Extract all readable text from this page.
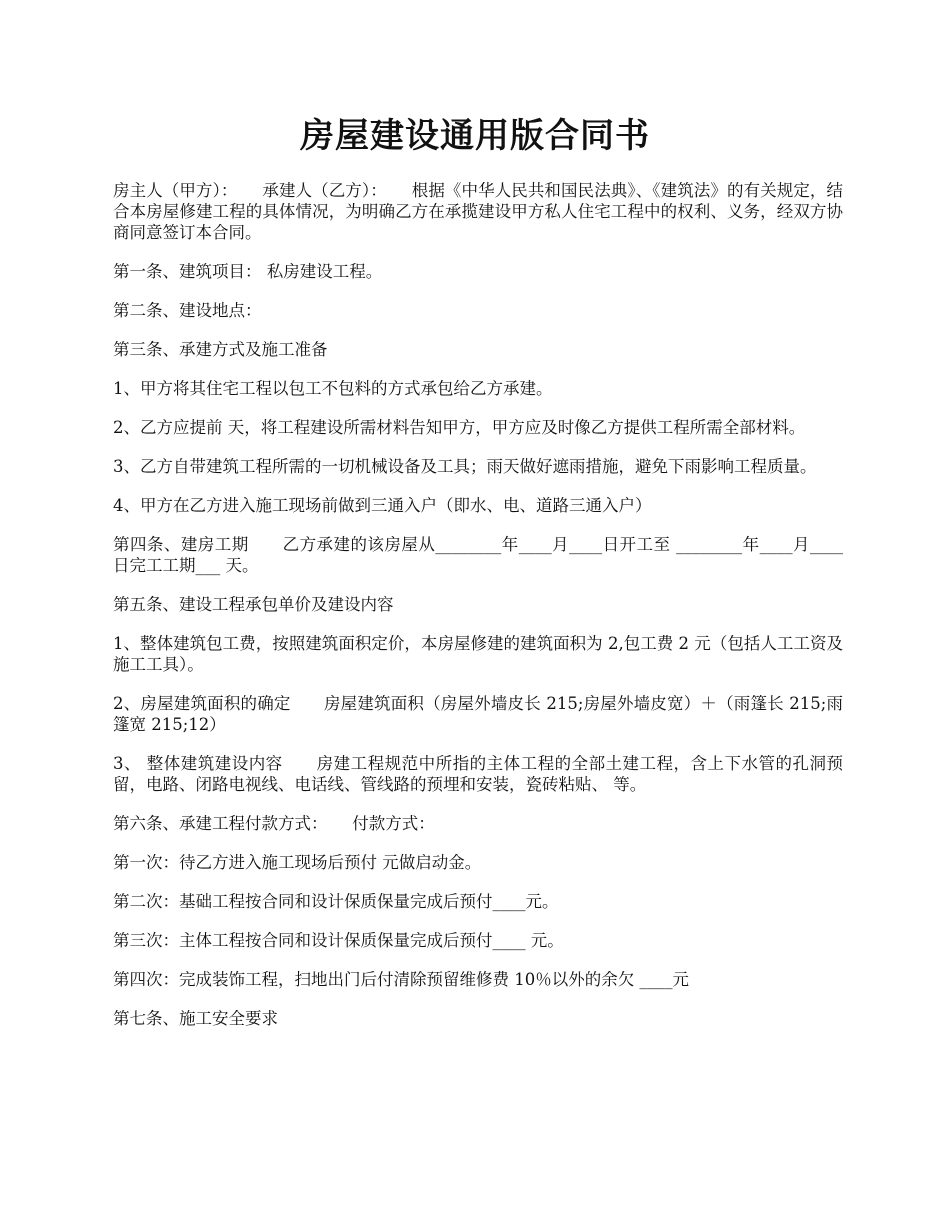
房屋建设通用版合同书

房主人（甲方）：　　承建人（乙方）：　　根据《中华人民共和国民法典》、《建筑法》的有关规定，结合本房屋修建工程的具体情况，为明确乙方在承揽建设甲方私人住宅工程中的权利、义务，经双方协商同意签订本合同。

第一条、建筑项目： 私房建设工程。

第二条、建设地点：

第三条、承建方式及施工准备

1、甲方将其住宅工程以包工不包料的方式承包给乙方承建。

2、乙方应提前 天，将工程建设所需材料告知甲方，甲方应及时像乙方提供工程所需全部材料。

3、乙方自带建筑工程所需的一切机械设备及工具；雨天做好遮雨措施，避免下雨影响工程质量。

4、甲方在乙方进入施工现场前做到三通入户（即水、电、道路三通入户）

第四条、建房工期　　乙方承建的该房屋从________年____月____日开工至 ________年____月____日完工工期___ 天。

第五条、建设工程承包单价及建设内容

1、整体建筑包工费，按照建筑面积定价，本房屋修建的建筑面积为 2,包工费 2 元（包括人工工资及施工工具）。

2、房屋建筑面积的确定　　房屋建筑面积（房屋外墙皮长 215;房屋外墙皮宽）＋（雨篷长 215;雨篷宽 215;12）

3、 整体建筑建设内容　　房建工程规范中所指的主体工程的全部土建工程，含上下水管的孔洞预留，电路、闭路电视线、电话线、管线路的预埋和安装，瓷砖粘贴、 等。

第六条、承建工程付款方式：　　付款方式：

第一次：待乙方进入施工现场后预付 元做启动金。

第二次：基础工程按合同和设计保质保量完成后预付____元。

第三次：主体工程按合同和设计保质保量完成后预付____ 元。

第四次：完成装饰工程，扫地出门后付清除预留维修费 10％以外的余欠 ____元

第七条、施工安全要求
